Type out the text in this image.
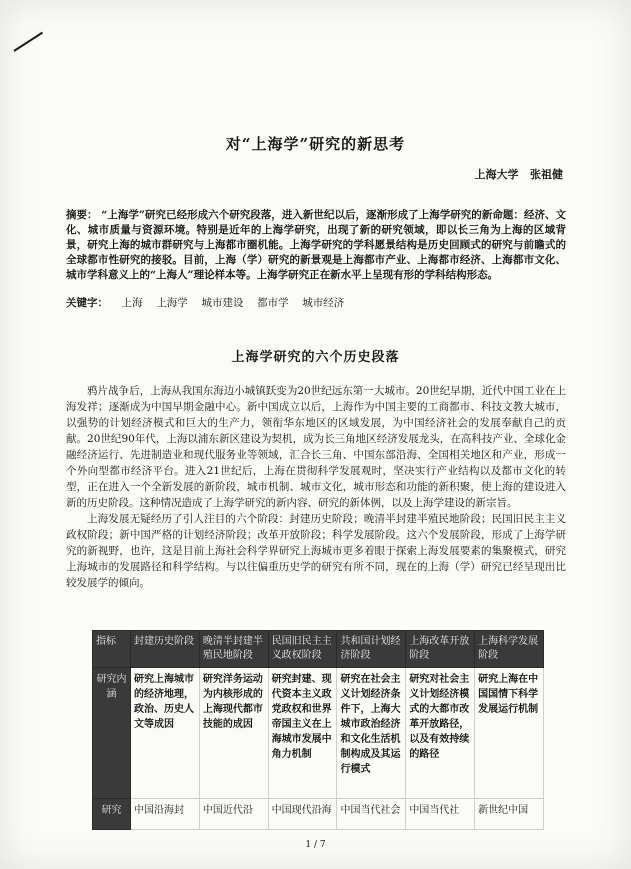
对“上海学”研究的新思考
上海大学   张祖健
摘要： “上海学”研究已经形成六个研究段落，进入新世纪以后，逐渐形成了上海学研究的新命题：经济、文化、城市质量与资源环境。特别是近年的上海学研究，出现了新的研究领域，即以长三角为上海的区域背景，研究上海的城市群研究与上海都市圈机能。上海学研究的学科愿景结构是历史回顾式的研究与前瞻式的全球都市性研究的接驳。目前，上海（学）研究的新景观是上海都市产业、上海都市经济、上海都市文化、城市学科意义上的“上海人”理论样本等。上海学研究正在新水平上呈现有形的学科结构形态。
关键字： 上海 上海学 城市建设 都市学 城市经济
上海学研究的六个历史段落

鸦片战争后，上海从我国东海边小城镇跃变为20世纪远东第一大城市。20世纪早期，近代中国工业在上海发祥；逐渐成为中国早期金融中心。新中国成立以后，上海作为中国主要的工商都市、科技文教大城市，以强势的计划经济模式和巨大的生产力，领衔华东地区的区域发展，为中国经济社会的发展奉献自己的贡献。20世纪90年代，上海以浦东新区建设为契机，成为长三角地区经济发展龙头，在高科技产业、全球化金融经济运行、先进制造业和现代服务业等领域，汇合长三角、中国东部沿海、全国相关地区和产业，形成一个外向型都市经济平台。进入21世纪后，上海在贯彻科学发展观时，坚决实行产业结构以及都市文化的转型，正在进入一个全新发展的新阶段，城市机制、城市文化，城市形态和功能的新积聚，使上海的建设进入新的历史阶段。这种情况造成了上海学研究的新内容、研究的新体例，以及上海学建设的新宗旨。

上海发展无疑经历了引人注目的六个阶段：封建历史阶段；晚清半封建半殖民地阶段；民国旧民主主义政权阶段；新中国严格的计划经济阶段；改革开放阶段；科学发展阶段。这六个发展阶段，形成了上海学研究的新视野，也许，这是目前上海社会科学界研究上海城市更多着眼于探索上海发展要素的集聚模式，研究上海城市的发展路径和科学结构。与以往偏重历史学的研究有所不同，现在的上海（学）研究已经呈现出比较发展学的倾向。

指标	封建历史阶段	晚清半封建半殖民地阶段	民国旧民主主义政权阶段	共和国计划经济阶段	上海改革开放阶段	上海科学发展阶段
研究内涵	研究上海城市的经济地理，政治、历史人文等成因	研究洋务运动为内核形成的上海现代都市技能的成因	研究封建、现代资本主义政党政权和世界帝国主义在上海城市发展中角力机制	研究在社会主义计划经济条件下，上海大城市政治经济和文化生活机制构成及其运行模式	研究对社会主义计划经济模式的大都市改革开放路径，以及有效持续的路径	研究上海在中国国情下科学发展运行机制
研究	中国沿海封	中国近代沿	中国现代沿海	中国当代社会	中国当代社	新世纪中国
1 / 7
